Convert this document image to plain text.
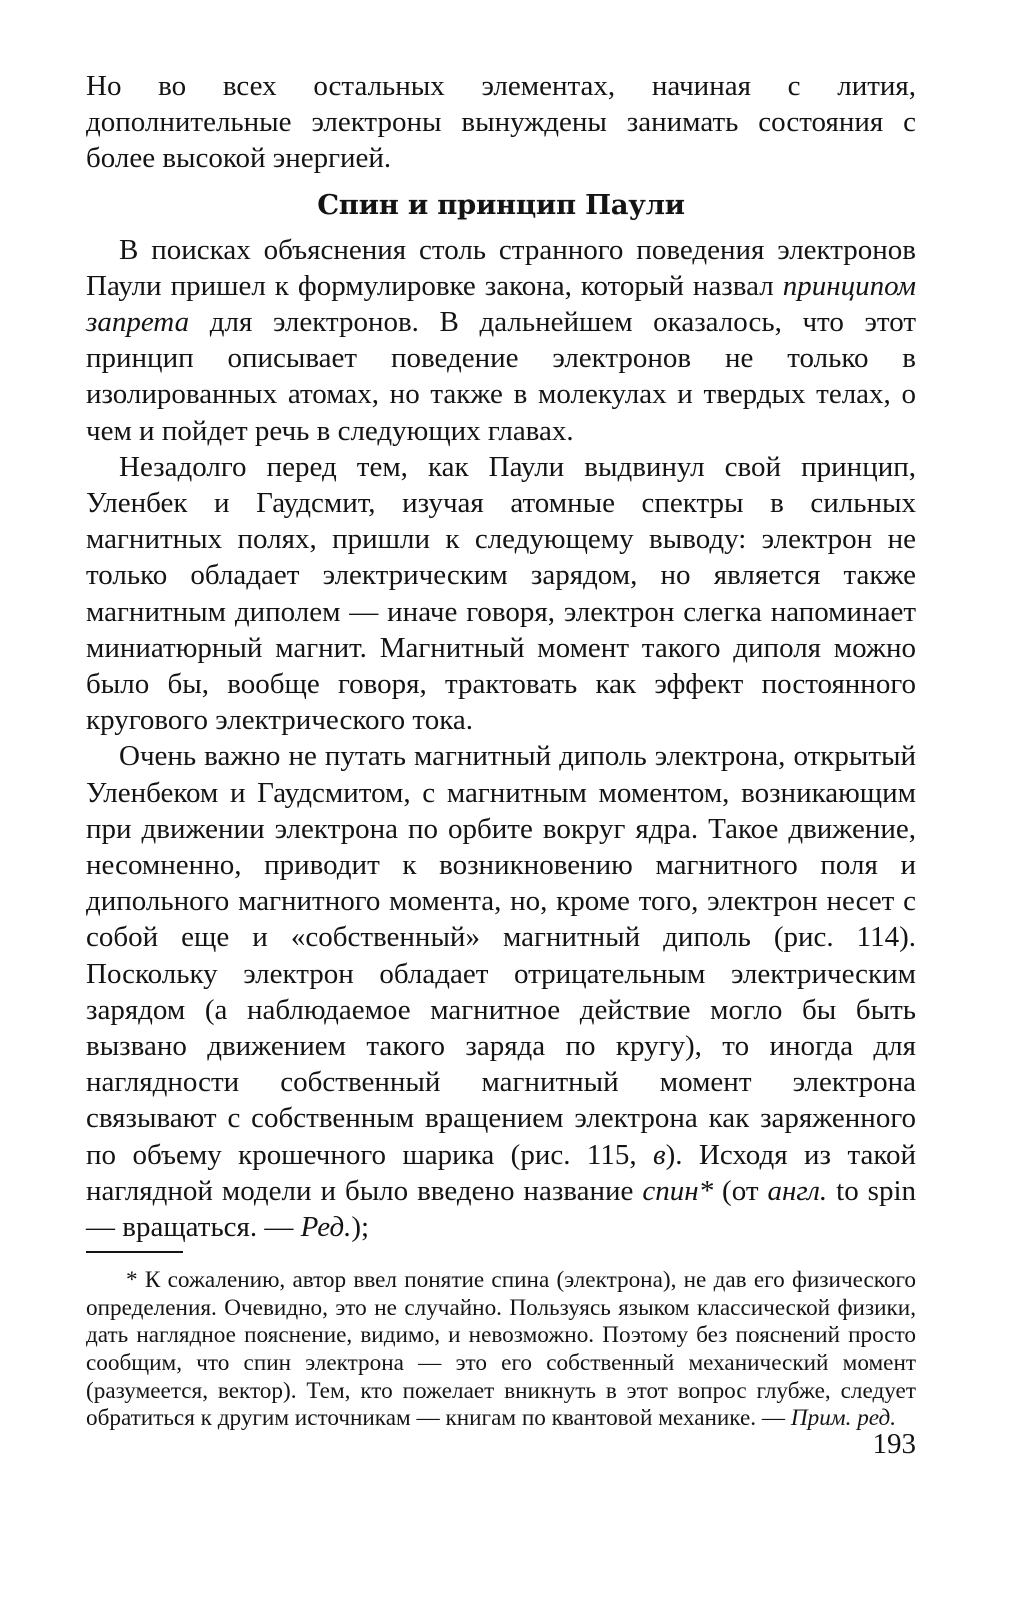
Но во всех остальных элементах, начиная с лития, дополнительные электроны вынуждены занимать состояния с более высокой энергией.

Спин и принцип Паули

В поисках объяснения столь странного поведения электронов Паули пришел к формулировке закона, который назвал принципом запрета для электронов. В дальнейшем оказалось, что этот принцип описывает поведение электронов не только в изолированных атомах, но также в молекулах и твердых телах, о чем и пойдет речь в следующих главах.

Незадолго перед тем, как Паули выдвинул свой принцип, Уленбек и Гаудсмит, изучая атомные спектры в сильных магнитных полях, пришли к следующему выводу: электрон не только обладает электрическим зарядом, но является также магнитным диполем — иначе говоря, электрон слегка напоминает миниатюрный магнит. Магнитный момент такого диполя можно было бы, вообще говоря, трактовать как эффект постоянного кругового электрического тока.

Очень важно не путать магнитный диполь электрона, открытый Уленбеком и Гаудсмитом, с магнитным моментом, возникающим при движении электрона по орбите вокруг ядра. Такое движение, несомненно, приводит к возникновению магнитного поля и дипольного магнитного момента, но, кроме того, электрон несет с собой еще и «собственный» магнитный диполь (рис. 114). Поскольку электрон обладает отрицательным электрическим зарядом (а наблюдаемое магнитное действие могло бы быть вызвано движением такого заряда по кругу), то иногда для наглядности собственный магнитный момент электрона связывают с собственным вращением электрона как заряженного по объему крошечного шарика (рис. 115, в). Исходя из такой наглядной модели и было введено название спин* (от англ. to spin — вращаться. — Ред.);

* К сожалению, автор ввел понятие спина (электрона), не дав его физического определения. Очевидно, это не случайно. Пользуясь языком классической физики, дать наглядное пояснение, видимо, и невозможно. Поэтому без пояснений просто сообщим, что спин электрона — это его собственный механический момент (разумеется, вектор). Тем, кто пожелает вникнуть в этот вопрос глубже, следует обратиться к другим источникам — книгам по квантовой механике. — Прим. ред.

193
